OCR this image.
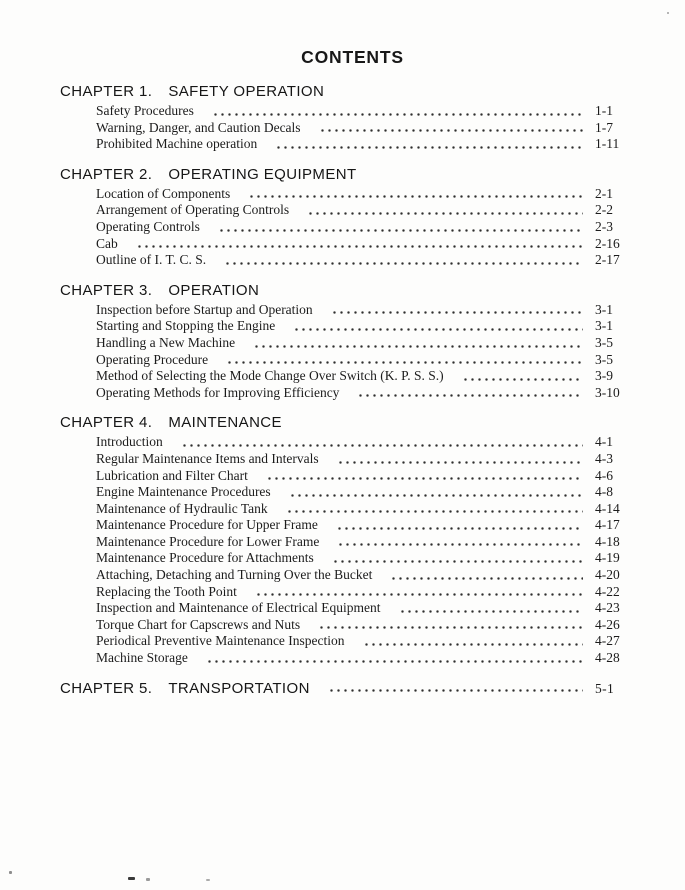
CONTENTS
CHAPTER 1. SAFETY OPERATION
Safety Procedures	1-1
Warning, Danger, and Caution Decals	1-7
Prohibited Machine operation	1-11
CHAPTER 2. OPERATING EQUIPMENT
Location of Components	2-1
Arrangement of Operating Controls	2-2
Operating Controls	2-3
Cab	2-16
Outline of I. T. C. S.	2-17
CHAPTER 3. OPERATION
Inspection before Startup and Operation	3-1
Starting and Stopping the Engine	3-1
Handling a New Machine	3-5
Operating Procedure	3-5
Method of Selecting the Mode Change Over Switch (K. P. S. S.)	3-9
Operating Methods for Improving Efficiency	3-10
CHAPTER 4. MAINTENANCE
Introduction	4-1
Regular Maintenance Items and Intervals	4-3
Lubrication and Filter Chart	4-6
Engine Maintenance Procedures	4-8
Maintenance of Hydraulic Tank	4-14
Maintenance Procedure for Upper Frame	4-17
Maintenance Procedure for Lower Frame	4-18
Maintenance Procedure for Attachments	4-19
Attaching, Detaching and Turning Over the Bucket	4-20
Replacing the Tooth Point	4-22
Inspection and Maintenance of Electrical Equipment	4-23
Torque Chart for Capscrews and Nuts	4-26
Periodical Preventive Maintenance Inspection	4-27
Machine Storage	4-28
CHAPTER 5. TRANSPORTATION	5-1
